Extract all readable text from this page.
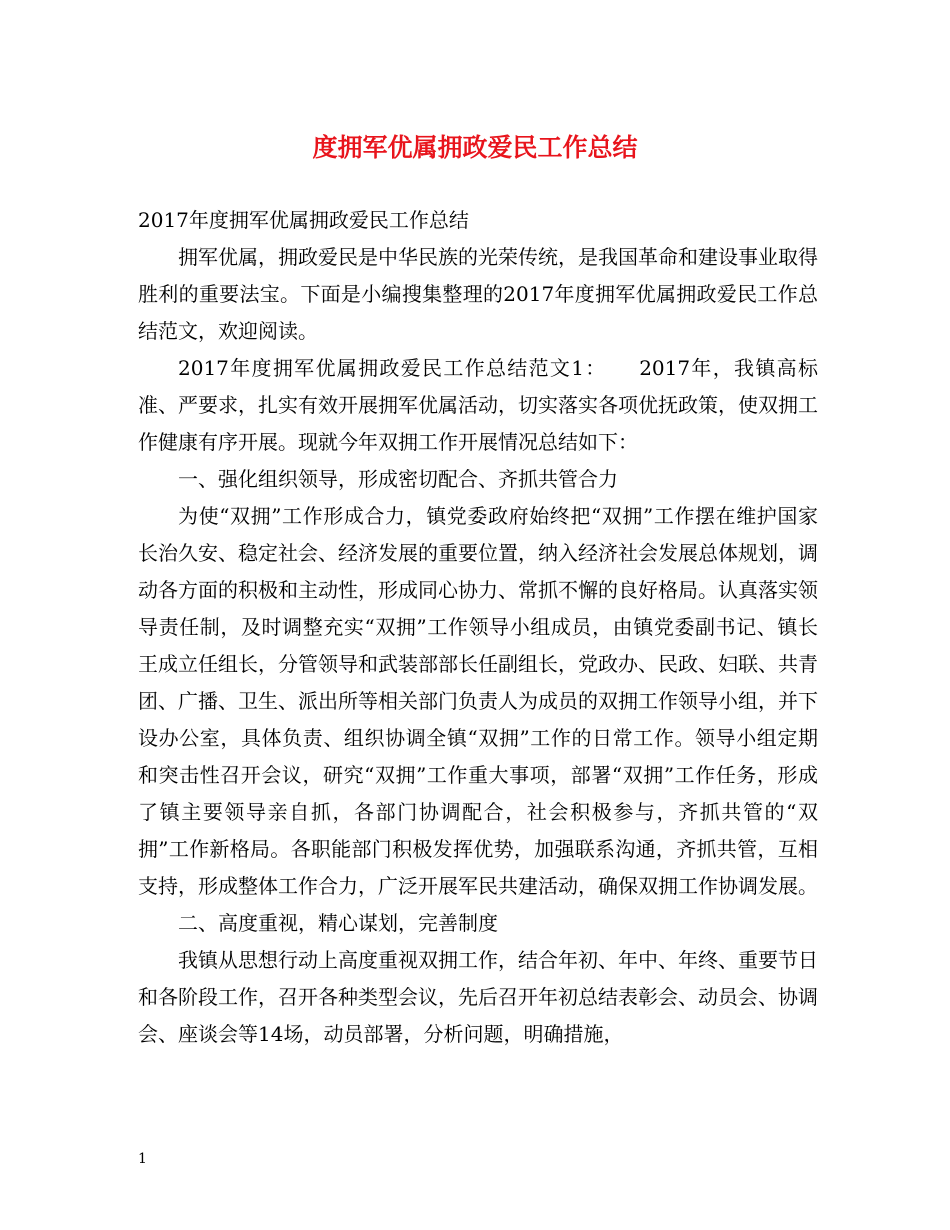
度拥军优属拥政爱民工作总结

2017年度拥军优属拥政爱民工作总结

拥军优属，拥政爱民是中华民族的光荣传统，是我国革命和建设事业取得胜利的重要法宝。下面是小编搜集整理的2017年度拥军优属拥政爱民工作总结范文，欢迎阅读。

2017年度拥军优属拥政爱民工作总结范文1：　　2017年，我镇高标准、严要求，扎实有效开展拥军优属活动，切实落实各项优抚政策，使双拥工作健康有序开展。现就今年双拥工作开展情况总结如下：

一、强化组织领导，形成密切配合、齐抓共管合力

为使“双拥”工作形成合力，镇党委政府始终把“双拥”工作摆在维护国家长治久安、稳定社会、经济发展的重要位置，纳入经济社会发展总体规划，调动各方面的积极和主动性，形成同心协力、常抓不懈的良好格局。认真落实领导责任制，及时调整充实“双拥”工作领导小组成员，由镇党委副书记、镇长王成立任组长，分管领导和武装部部长任副组长，党政办、民政、妇联、共青团、广播、卫生、派出所等相关部门负责人为成员的双拥工作领导小组，并下设办公室，具体负责、组织协调全镇“双拥”工作的日常工作。领导小组定期和突击性召开会议，研究“双拥”工作重大事项，部署“双拥”工作任务，形成了镇主要领导亲自抓，各部门协调配合，社会积极参与，齐抓共管的“双拥”工作新格局。各职能部门积极发挥优势，加强联系沟通，齐抓共管，互相支持，形成整体工作合力，广泛开展军民共建活动，确保双拥工作协调发展。

二、高度重视，精心谋划，完善制度

我镇从思想行动上高度重视双拥工作，结合年初、年中、年终、重要节日和各阶段工作，召开各种类型会议，先后召开年初总结表彰会、动员会、协调会、座谈会等14场，动员部署，分析问题，明确措施，

1
